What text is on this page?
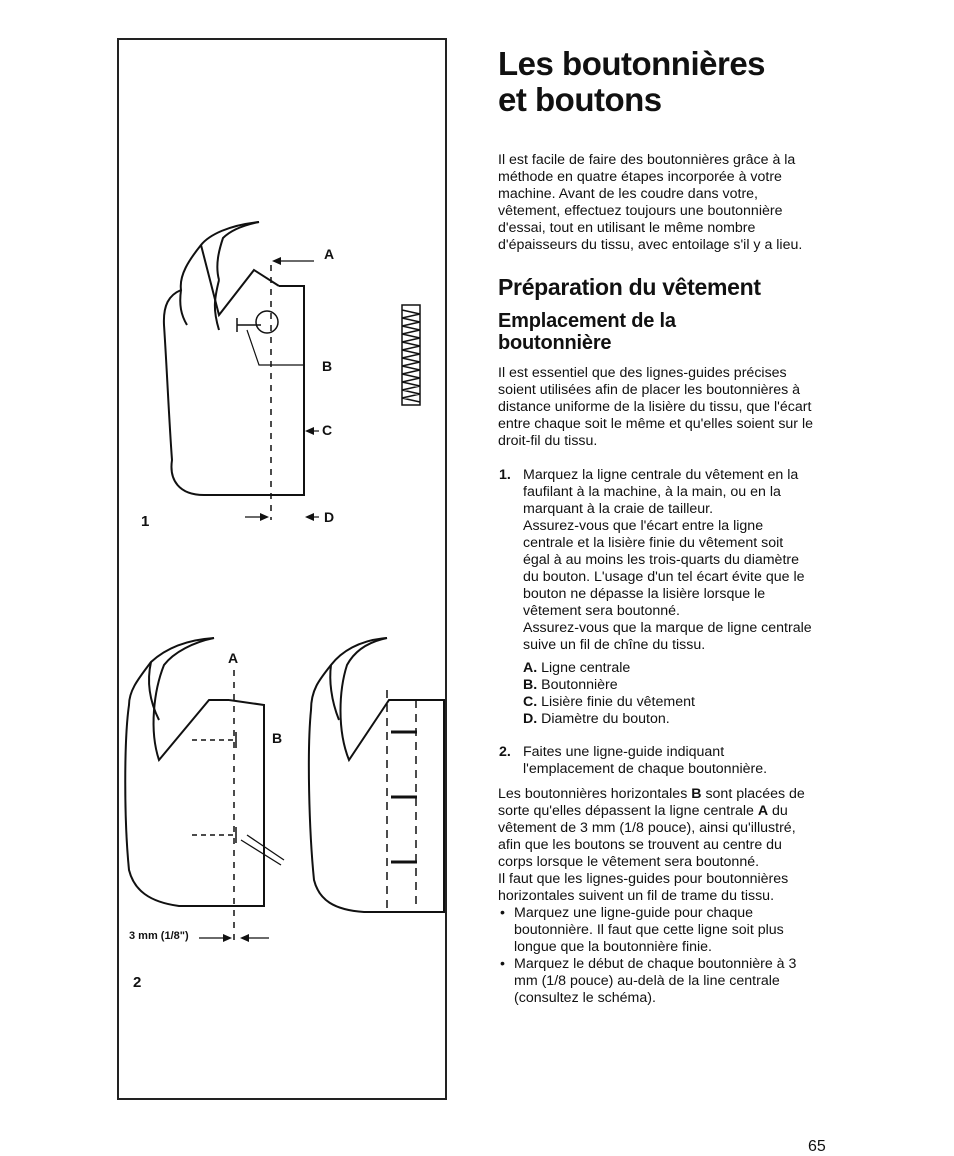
A
B
C
D
1
A
B
3 mm (1/8")
2
Les boutonnières
et boutons

Il est facile de faire des boutonnières grâce à la méthode en quatre étapes incorporée à votre machine. Avant de les coudre dans votre, vêtement, effectuez toujours une boutonnière d'essai, tout en utilisant le même nombre d'épaisseurs du tissu, avec entoilage s'il y a lieu.

Préparation du vêtement
Emplacement de la
boutonnière

Il est essentiel que des lignes-guides précises soient utilisées afin de placer les boutonnières à distance uniforme de la lisière du tissu, que l'écart entre chaque soit le même et qu'elles soient sur le droit-fil du tissu.

1. Marquez la ligne centrale du vêtement en la faufilant à la machine, à la main, ou en la marquant à la craie de tailleur.
Assurez-vous que l'écart entre la ligne centrale et la lisière finie du vêtement soit égal à au moins les trois-quarts du diamètre du bouton. L'usage d'un tel écart évite que le bouton ne dépasse la lisière lorsque le vêtement sera boutonné.
Assurez-vous que la marque de ligne centrale suive un fil de chîne du tissu.
A. Ligne centrale
B. Boutonnière
C. Lisière finie du vêtement
D. Diamètre du bouton.
2. Faites une ligne-guide indiquant l'emplacement de chaque boutonnière.

Les boutonnières horizontales B sont placées de sorte qu'elles dépassent la ligne centrale A du vêtement de 3 mm (1/8 pouce), ainsi qu'illustré, afin que les boutons se trouvent au centre du corps lorsque le vêtement sera boutonné.

Il faut que les lignes-guides pour boutonnières horizontales suivent un fil de trame du tissu.

• Marquez une ligne-guide pour chaque boutonnière. Il faut que cette ligne soit plus longue que la boutonnière finie.
• Marquez le début de chaque boutonnière à 3 mm (1/8 pouce) au-delà de la line centrale (consultez le schéma).
65
